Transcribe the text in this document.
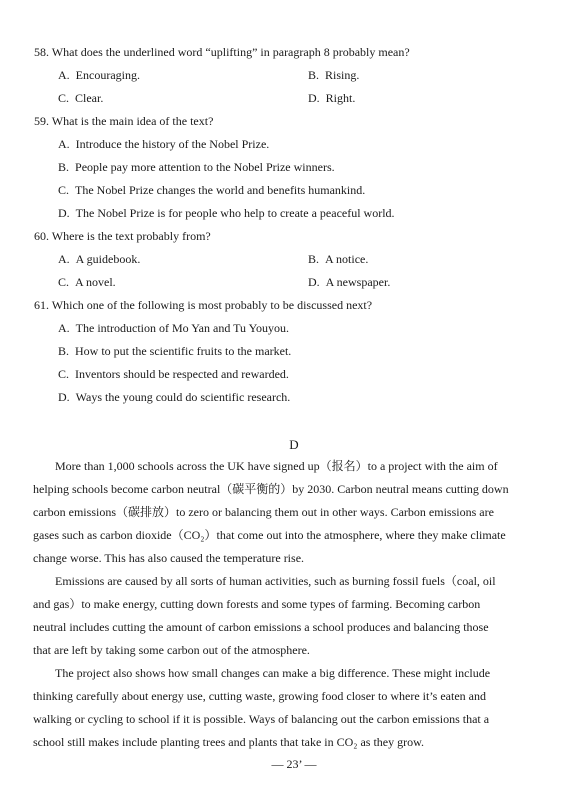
58. What does the underlined word “uplifting” in paragraph 8 probably mean?
A. Encouraging.	B. Rising.
C. Clear.	D. Right.
59. What is the main idea of the text?
A. Introduce the history of the Nobel Prize.
B. People pay more attention to the Nobel Prize winners.
C. The Nobel Prize changes the world and benefits humankind.
D. The Nobel Prize is for people who help to create a peaceful world.
60. Where is the text probably from?
A. A guidebook.	B. A notice.
C. A novel.	D. A newspaper.
61. Which one of the following is most probably to be discussed next?
A. The introduction of Mo Yan and Tu Youyou.
B. How to put the scientific fruits to the market.
C. Inventors should be respected and rewarded.
D. Ways the young could do scientific research.
D
More than 1,000 schools across the UK have signed up（报名）to a project with the aim of
helping schools become carbon neutral（碳平衡的）by 2030. Carbon neutral means cutting down
carbon emissions（碳排放）to zero or balancing them out in other ways. Carbon emissions are
gases such as carbon dioxide（CO₂）that come out into the atmosphere, where they make climate
change worse. This has also caused the temperature rise.
Emissions are caused by all sorts of human activities, such as burning fossil fuels（coal, oil
and gas）to make energy, cutting down forests and some types of farming. Becoming carbon
neutral includes cutting the amount of carbon emissions a school produces and balancing those
that are left by taking some carbon out of the atmosphere.
The project also shows how small changes can make a big difference. These might include
thinking carefully about energy use, cutting waste, growing food closer to where it’s eaten and
walking or cycling to school if it is possible. Ways of balancing out the carbon emissions that a
school still makes include planting trees and plants that take in CO₂ as they grow.
— 23’ —
